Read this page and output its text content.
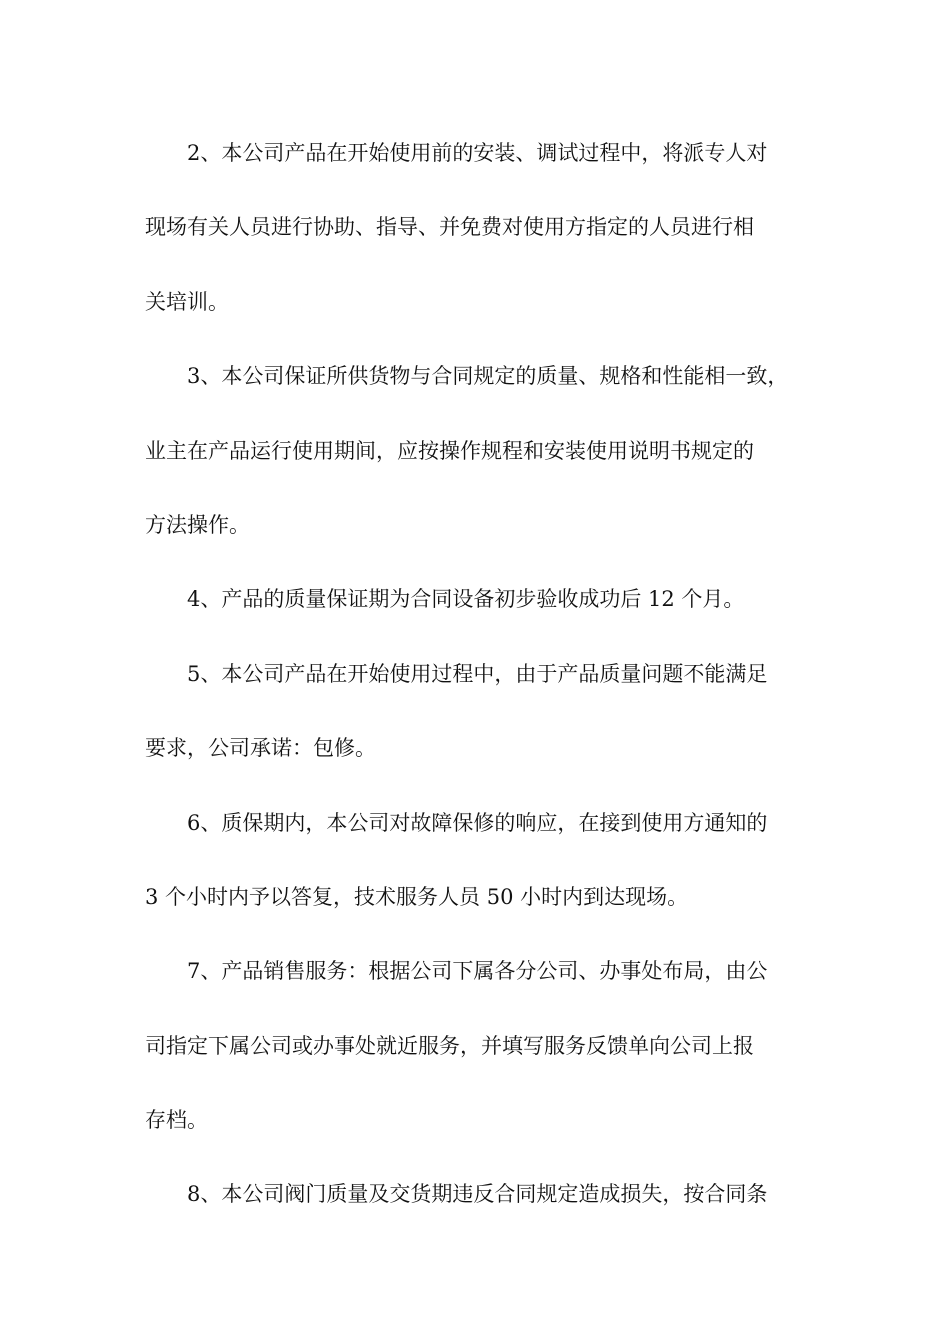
2、本公司产品在开始使用前的安装、调试过程中，将派专人对
现场有关人员进行协助、指导、并免费对使用方指定的人员进行相
关培训。
3、本公司保证所供货物与合同规定的质量、规格和性能相一致，
业主在产品运行使用期间，应按操作规程和安装使用说明书规定的
方法操作。
4、产品的质量保证期为合同设备初步验收成功后 12 个月。
5、本公司产品在开始使用过程中，由于产品质量问题不能满足
要求，公司承诺：包修。
6、质保期内，本公司对故障保修的响应，在接到使用方通知的
3 个小时内予以答复，技术服务人员 50 小时内到达现场。
7、产品销售服务：根据公司下属各分公司、办事处布局，由公
司指定下属公司或办事处就近服务，并填写服务反馈单向公司上报
存档。
8、本公司阀门质量及交货期违反合同规定造成损失，按合同条
